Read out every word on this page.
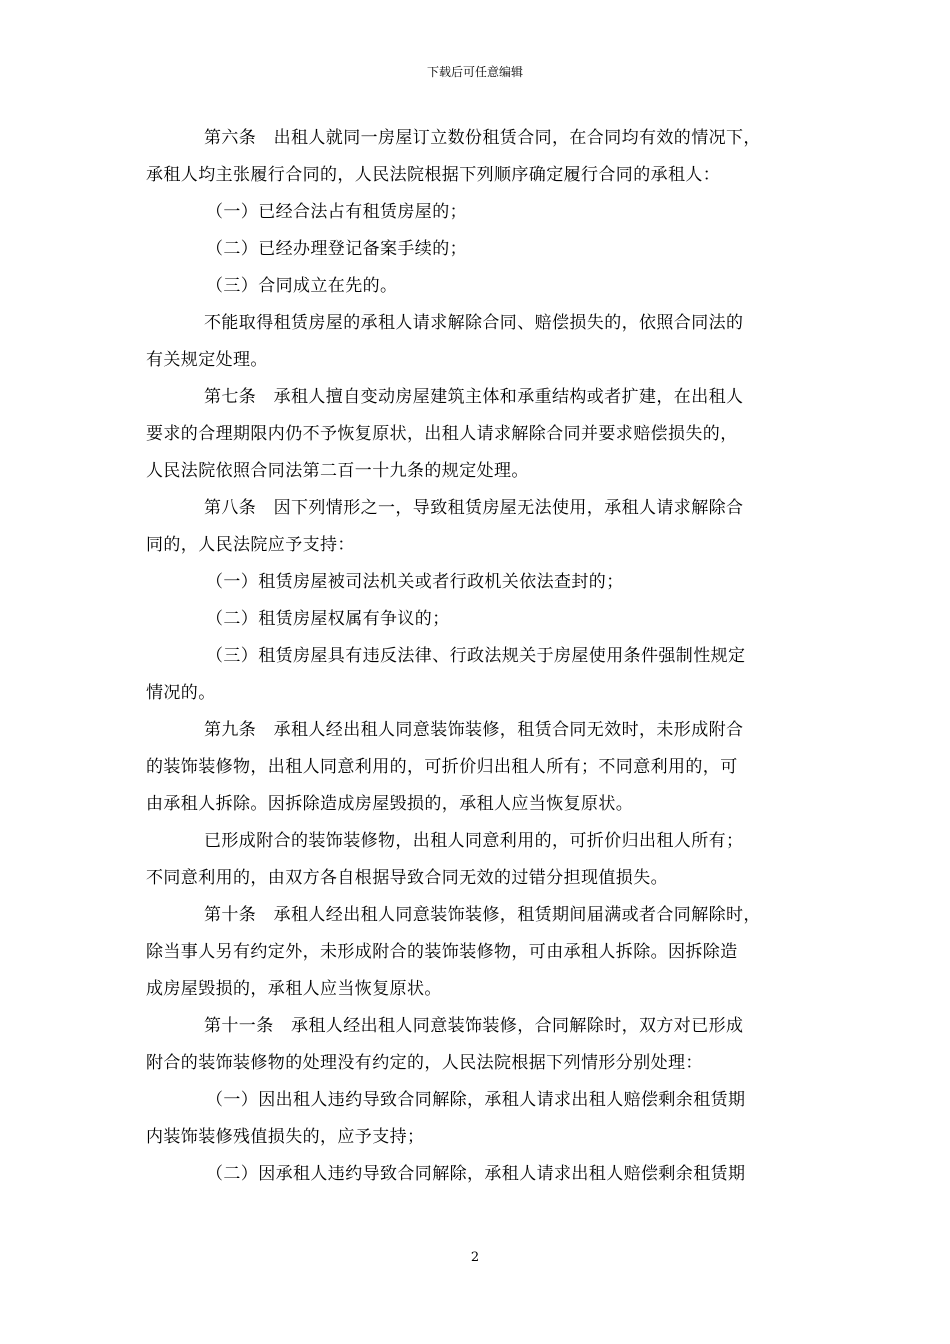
下载后可任意编辑

第六条　出租人就同一房屋订立数份租赁合同，在合同均有效的情况下，
承租人均主张履行合同的，人民法院根据下列顺序确定履行合同的承租人：

（一）已经合法占有租赁房屋的；

（二）已经办理登记备案手续的；

（三）合同成立在先的。

不能取得租赁房屋的承租人请求解除合同、赔偿损失的，依照合同法的
有关规定处理。

第七条　承租人擅自变动房屋建筑主体和承重结构或者扩建，在出租人
要求的合理期限内仍不予恢复原状，出租人请求解除合同并要求赔偿损失的，
人民法院依照合同法第二百一十九条的规定处理。

第八条　因下列情形之一，导致租赁房屋无法使用，承租人请求解除合
同的，人民法院应予支持：

（一）租赁房屋被司法机关或者行政机关依法查封的；

（二）租赁房屋权属有争议的；

（三）租赁房屋具有违反法律、行政法规关于房屋使用条件强制性规定
情况的。

第九条　承租人经出租人同意装饰装修，租赁合同无效时，未形成附合
的装饰装修物，出租人同意利用的，可折价归出租人所有；不同意利用的，可
由承租人拆除。因拆除造成房屋毁损的，承租人应当恢复原状。

已形成附合的装饰装修物，出租人同意利用的，可折价归出租人所有；
不同意利用的，由双方各自根据导致合同无效的过错分担现值损失。

第十条　承租人经出租人同意装饰装修，租赁期间届满或者合同解除时，
除当事人另有约定外，未形成附合的装饰装修物，可由承租人拆除。因拆除造
成房屋毁损的，承租人应当恢复原状。

第十一条　承租人经出租人同意装饰装修，合同解除时，双方对已形成
附合的装饰装修物的处理没有约定的，人民法院根据下列情形分别处理：

（一）因出租人违约导致合同解除，承租人请求出租人赔偿剩余租赁期
内装饰装修残值损失的，应予支持；

（二）因承租人违约导致合同解除，承租人请求出租人赔偿剩余租赁期

2
